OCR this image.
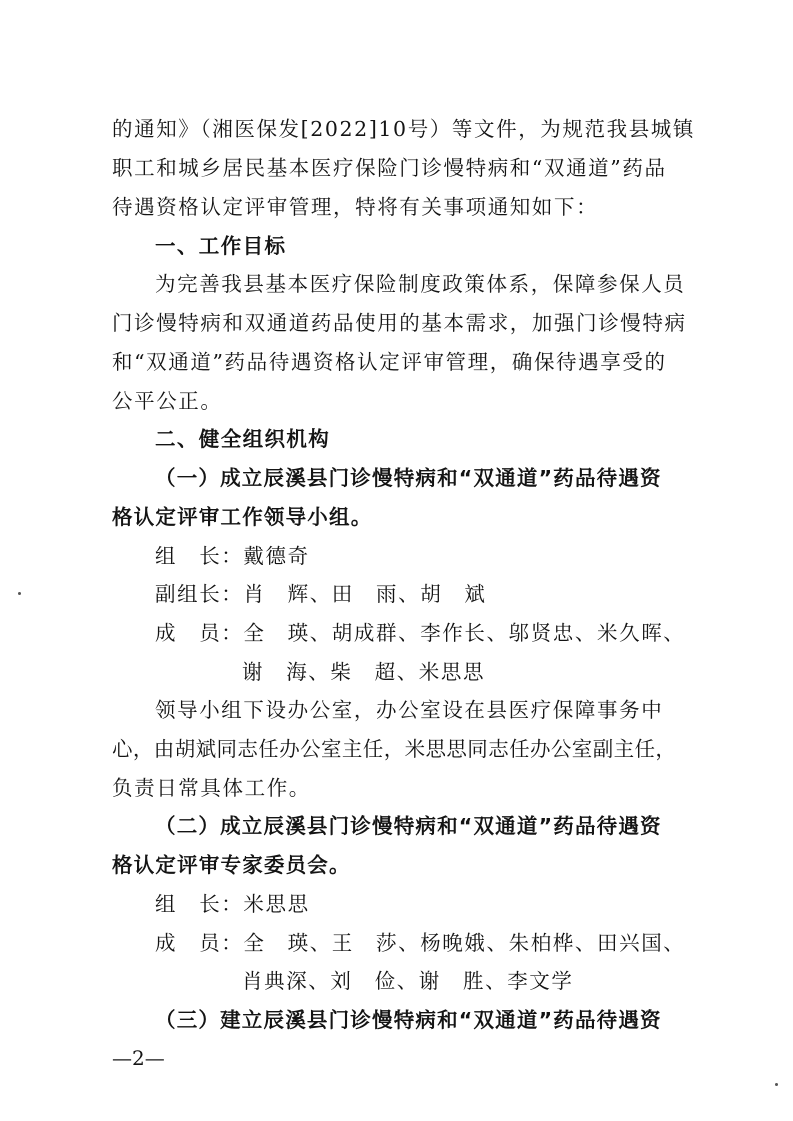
的通知》（湘医保发[2022]10号）等文件，为规范我县城镇
职工和城乡居民基本医疗保险门诊慢特病和“双通道”药品
待遇资格认定评审管理，特将有关事项通知如下：
一、工作目标
为完善我县基本医疗保险制度政策体系，保障参保人员
门诊慢特病和双通道药品使用的基本需求，加强门诊慢特病
和“双通道”药品待遇资格认定评审管理，确保待遇享受的
公平公正。
二、健全组织机构
（一）成立辰溪县门诊慢特病和“双通道”药品待遇资
格认定评审工作领导小组。
组　长：戴德奇
副组长：肖　辉、田　雨、胡　斌
成　员：全　瑛、胡成群、李作长、邬贤忠、米久晖、
谢　海、柴　超、米思思
领导小组下设办公室，办公室设在县医疗保障事务中
心，由胡斌同志任办公室主任，米思思同志任办公室副主任，
负责日常具体工作。
（二）成立辰溪县门诊慢特病和“双通道”药品待遇资
格认定评审专家委员会。
组　长：米思思
成　员：全　瑛、王　莎、杨晚娥、朱柏桦、田兴国、
肖典深、刘　俭、谢　胜、李文学
（三）建立辰溪县门诊慢特病和“双通道”药品待遇资
—2—
